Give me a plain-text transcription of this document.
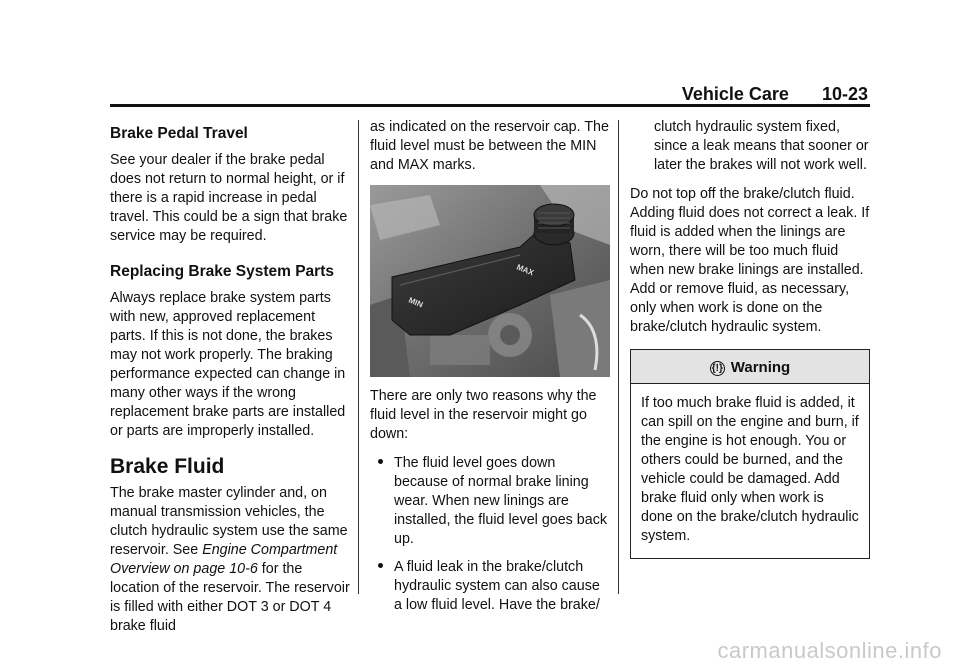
Vehicle Care 10-23
Brake Pedal Travel

See your dealer if the brake pedal does not return to normal height, or if there is a rapid increase in pedal travel. This could be a sign that brake service may be required.

Replacing Brake System Parts

Always replace brake system parts with new, approved replacement parts. If this is not done, the brakes may not work properly. The braking performance expected can change in many other ways if the wrong replacement brake parts are installed or parts are improperly installed.

Brake Fluid

The brake master cylinder and, on manual transmission vehicles, the clutch hydraulic system use the same reservoir. See Engine Compartment Overview on page 10-6 for the location of the reservoir. The reservoir is filled with either DOT 3 or DOT 4 brake fluid

as indicated on the reservoir cap. The fluid level must be between the MIN and MAX marks.

MAX
MIN

There are only two reasons why the fluid level in the reservoir might go down:

The fluid level goes down because of normal brake lining wear. When new linings are installed, the fluid level goes back up.
A fluid leak in the brake/clutch hydraulic system can also cause a low fluid level. Have the brake/

clutch hydraulic system fixed, since a leak means that sooner or later the brakes will not work well.

Do not top off the brake/clutch fluid. Adding fluid does not correct a leak. If fluid is added when the linings are worn, there will be too much fluid when new brake linings are installed. Add or remove fluid, as necessary, only when work is done on the brake/clutch hydraulic system.

{!} Warning
If too much brake fluid is added, it can spill on the engine and burn, if the engine is hot enough. You or others could be burned, and the vehicle could be damaged. Add brake fluid only when work is done on the brake/clutch hydraulic system.
carmanualsonline.info
